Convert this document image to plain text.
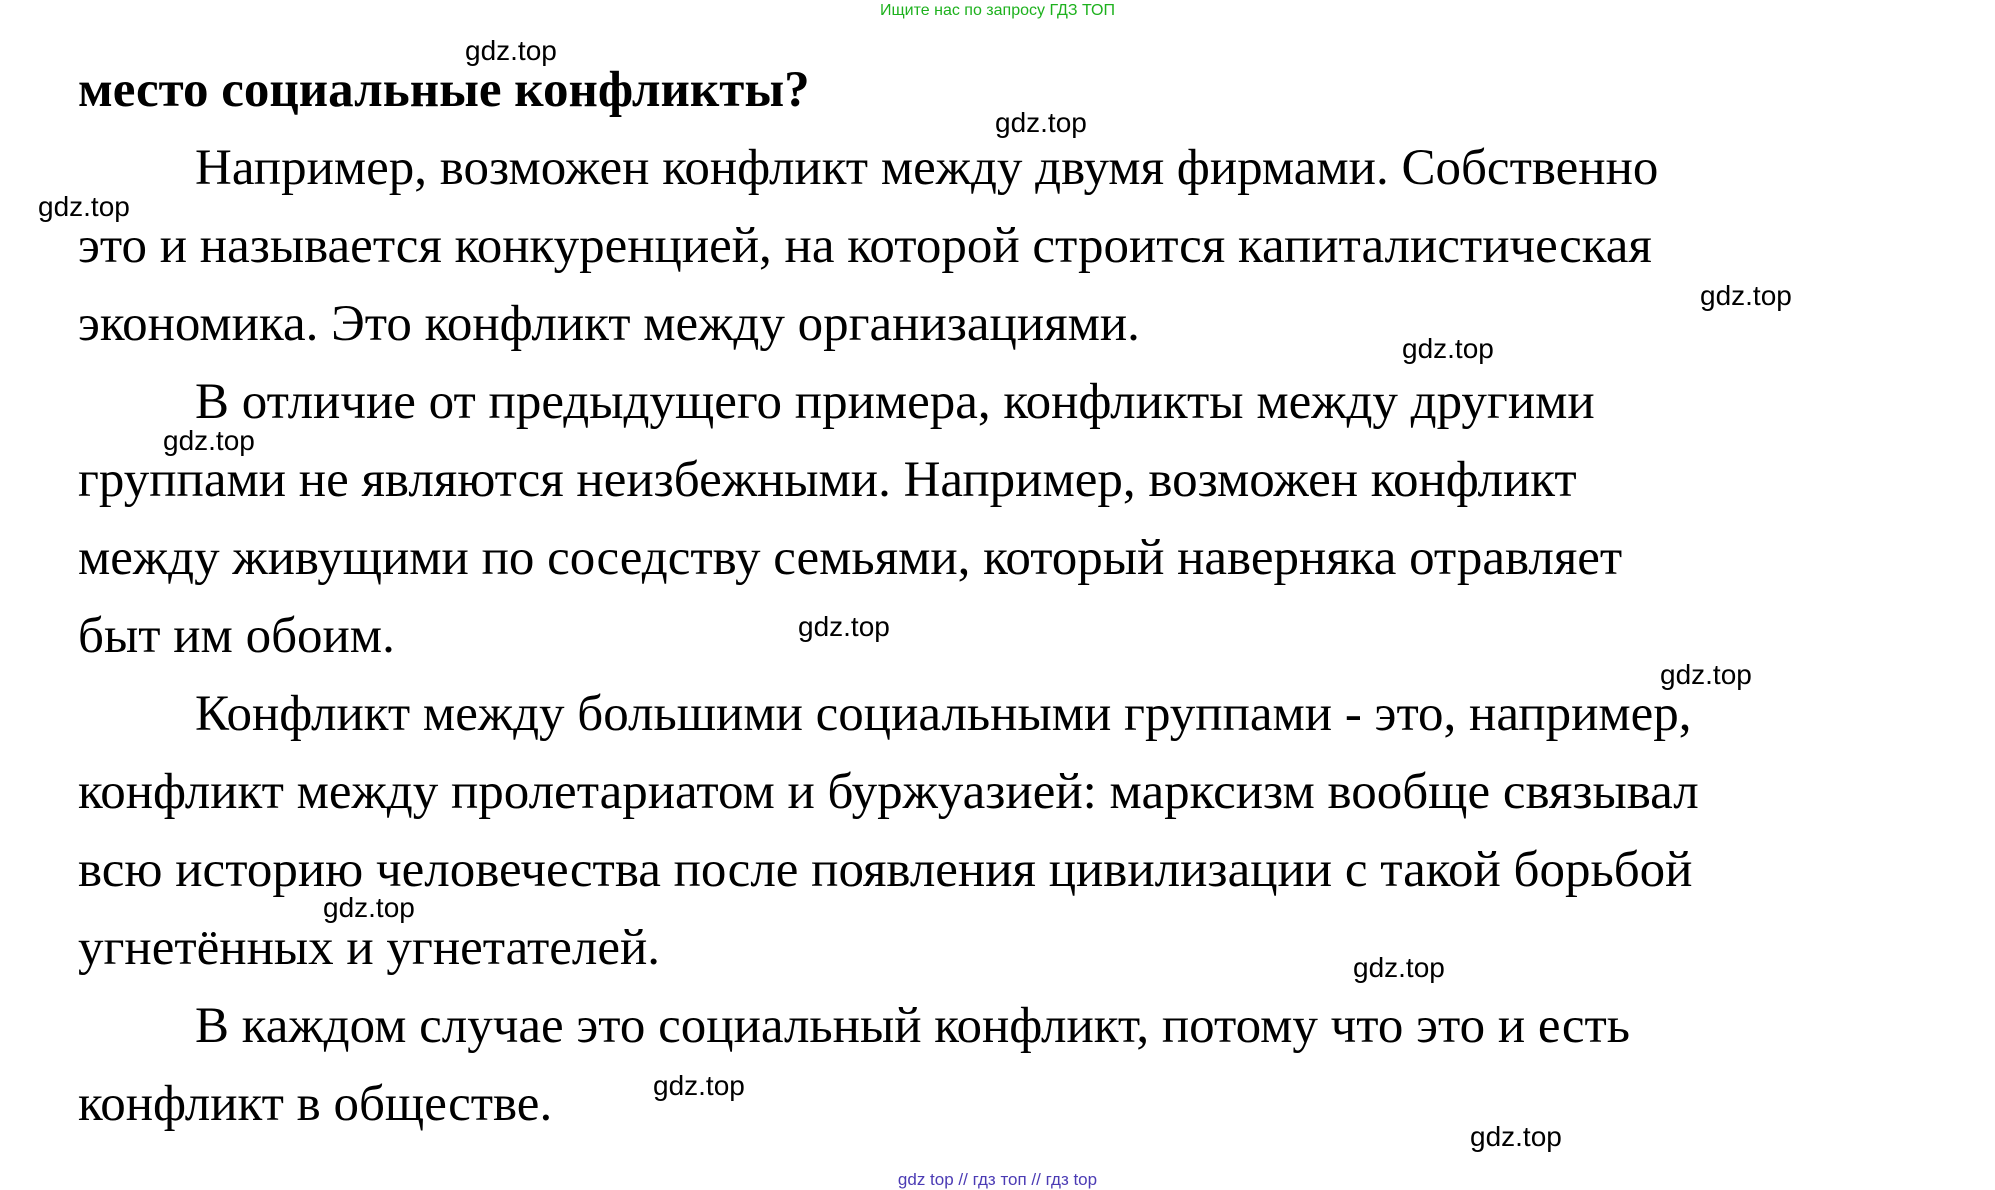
Ищите нас по запросу ГДЗ ТОП
место социальные конфликты?

Например, возможен конфликт между двумя фирмами. Собственно

это и называется конкуренцией, на которой строится капиталистическая

экономика. Это конфликт между организациями.

В отличие от предыдущего примера, конфликты между другими

группами не являются неизбежными. Например, возможен конфликт

между живущими по соседству семьями, который наверняка отравляет

быт им обоим.

Конфликт между большими социальными группами - это, например,

конфликт между пролетариатом и буржуазией: марксизм вообще связывал

всю историю человечества после появления цивилизации с такой борьбой

угнетённых и угнетателей.

В каждом случае это социальный конфликт, потому что это и есть

конфликт в обществе.

gdz.top
gdz.top
gdz.top
gdz.top
gdz.top
gdz.top
gdz.top
gdz.top
gdz.top
gdz.top
gdz.top
gdz.top
gdz top // гдз топ // гдз top
